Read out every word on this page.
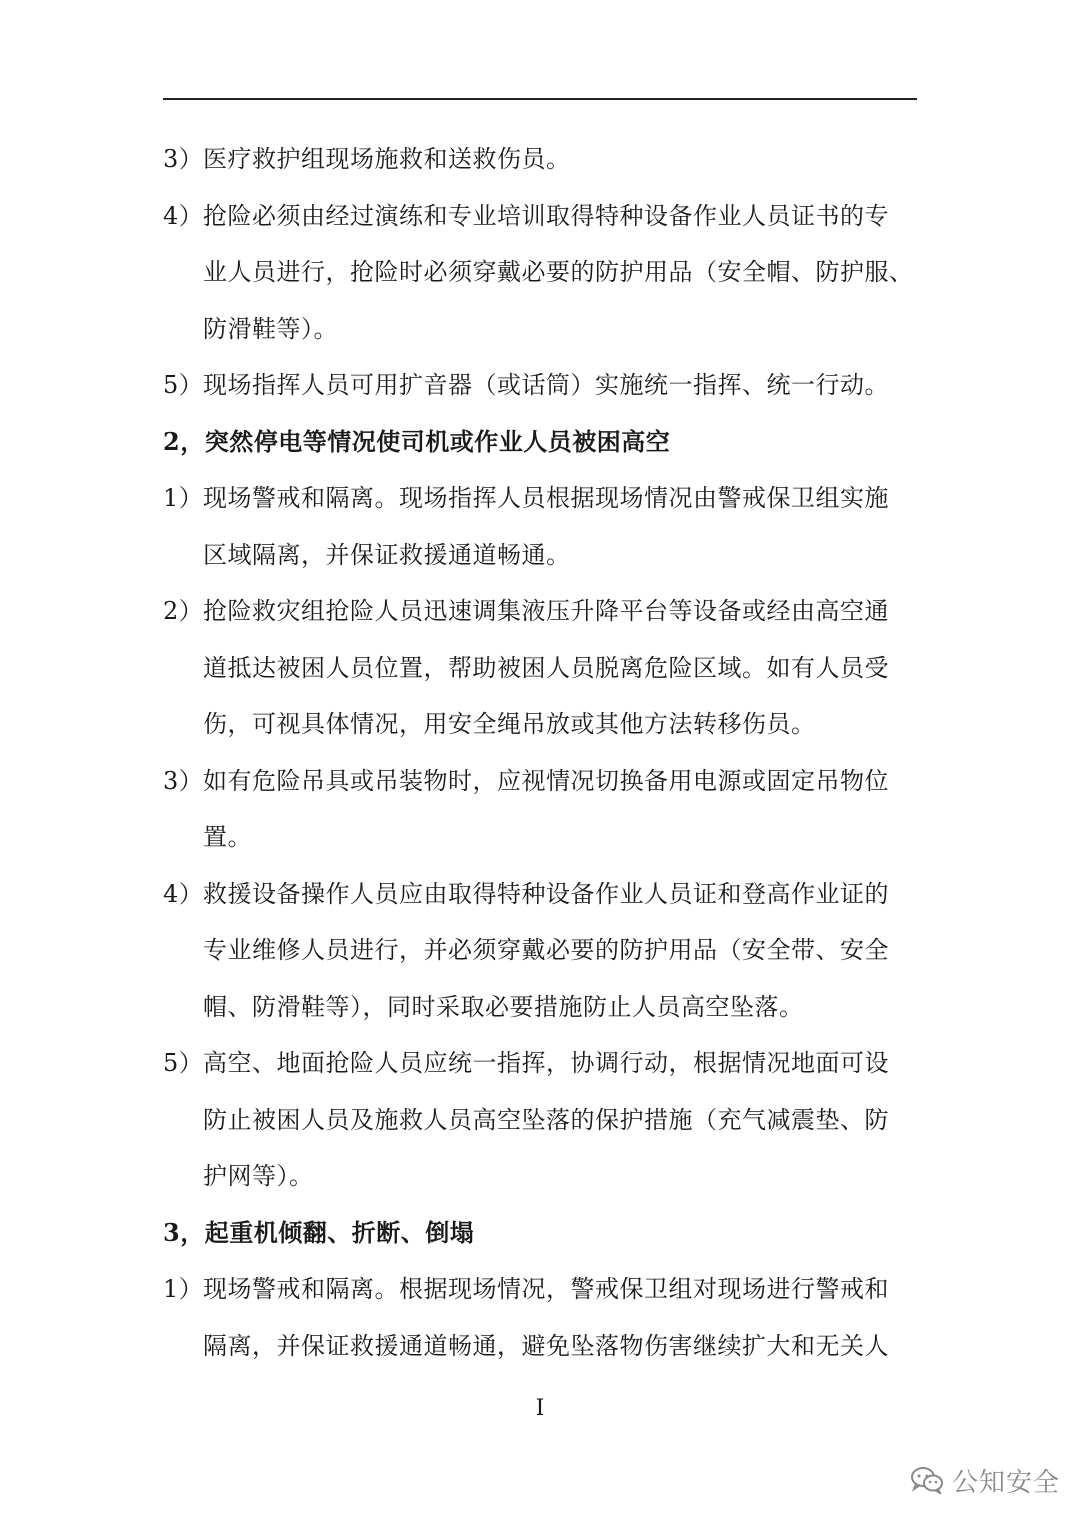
3） 医疗救护组现场施救和送救伤员。
4） 抢险必须由经过演练和专业培训取得特种设备作业人员证书的专
业人员进行，抢险时必须穿戴必要的防护用品（安全帽、防护服、
防滑鞋等）。
5） 现场指挥人员可用扩音器（或话筒）实施统一指挥、统一行动。
2，突然停电等情况使司机或作业人员被困高空
1） 现场警戒和隔离。现场指挥人员根据现场情况由警戒保卫组实施
区域隔离，并保证救援通道畅通。
2） 抢险救灾组抢险人员迅速调集液压升降平台等设备或经由高空通
道抵达被困人员位置，帮助被困人员脱离危险区域。如有人员受
伤，可视具体情况，用安全绳吊放或其他方法转移伤员。
3） 如有危险吊具或吊装物时，应视情况切换备用电源或固定吊物位
置。
4） 救援设备操作人员应由取得特种设备作业人员证和登高作业证的
专业维修人员进行，并必须穿戴必要的防护用品（安全带、安全
帽、防滑鞋等），同时采取必要措施防止人员高空坠落。
5） 高空、地面抢险人员应统一指挥，协调行动，根据情况地面可设
防止被困人员及施救人员高空坠落的保护措施（充气减震垫、防
护网等）。
3，起重机倾翻、折断、倒塌
1） 现场警戒和隔离。根据现场情况，警戒保卫组对现场进行警戒和
隔离，并保证救援通道畅通，避免坠落物伤害继续扩大和无关人
I
公知安全
